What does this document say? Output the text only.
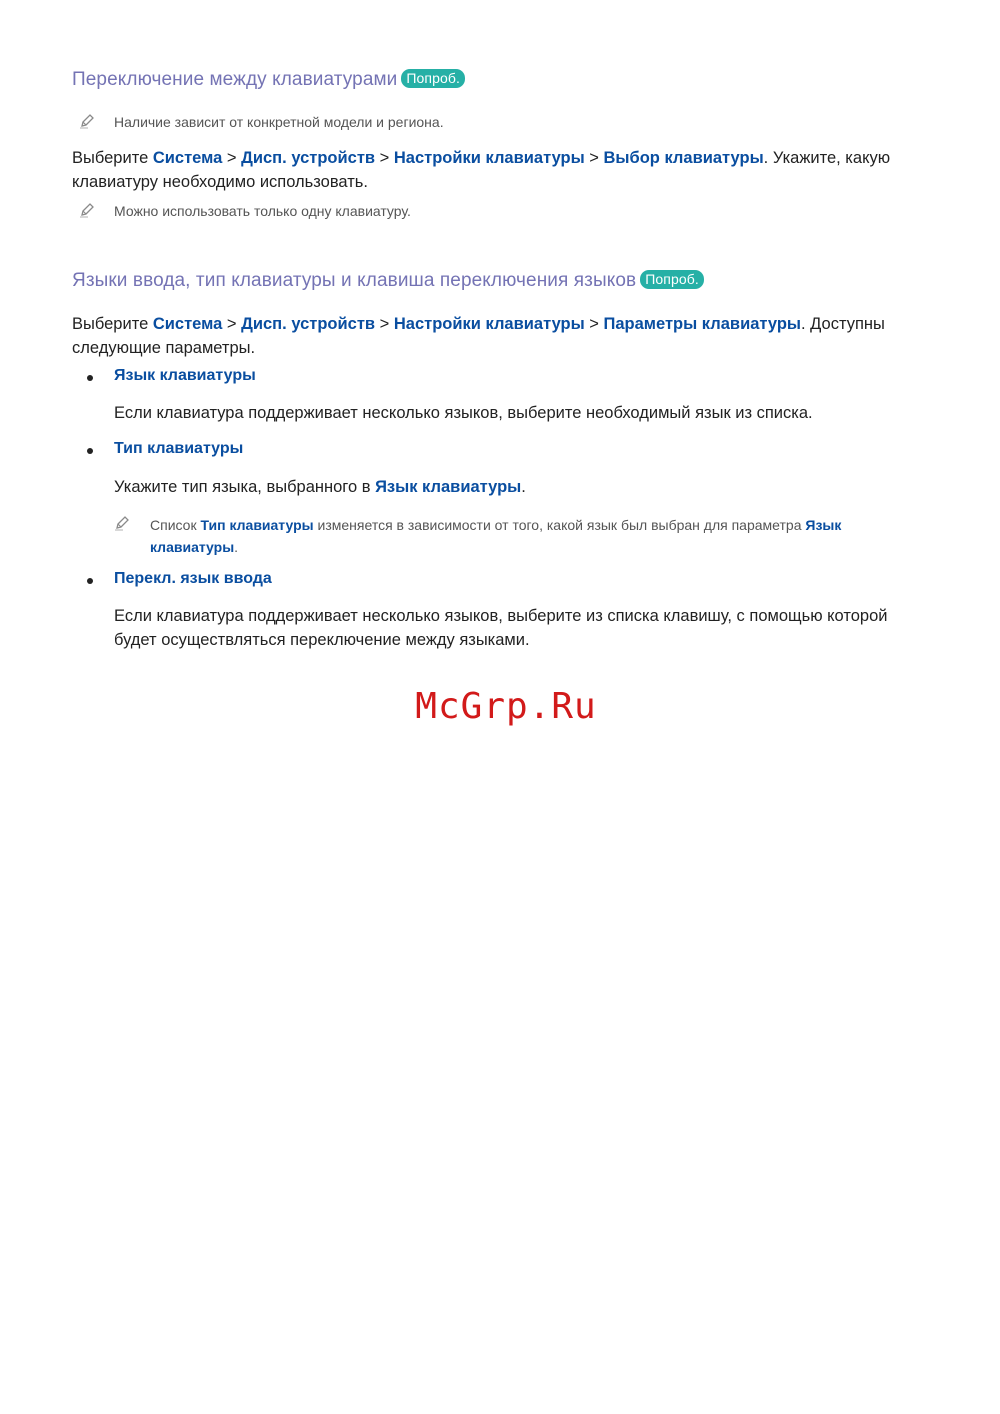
Переключение между клавиатурами Попроб.
Наличие зависит от конкретной модели и региона.
Выберите Система > Дисп. устройств > Настройки клавиатуры > Выбор клавиатуры. Укажите, какую клавиатуру необходимо использовать.
Можно использовать только одну клавиатуру.
Языки ввода, тип клавиатуры и клавиша переключения языков Попроб.
Выберите Система > Дисп. устройств > Настройки клавиатуры > Параметры клавиатуры. Доступны следующие параметры.
Язык клавиатуры
Если клавиатура поддерживает несколько языков, выберите необходимый язык из списка.
Тип клавиатуры
Укажите тип языка, выбранного в Язык клавиатуры.
Список Тип клавиатуры изменяется в зависимости от того, какой язык был выбран для параметра Язык клавиатуры.
Перекл. язык ввода
Если клавиатура поддерживает несколько языков, выберите из списка клавишу, с помощью которой будет осуществляться переключение между языками.
McGrp.Ru
